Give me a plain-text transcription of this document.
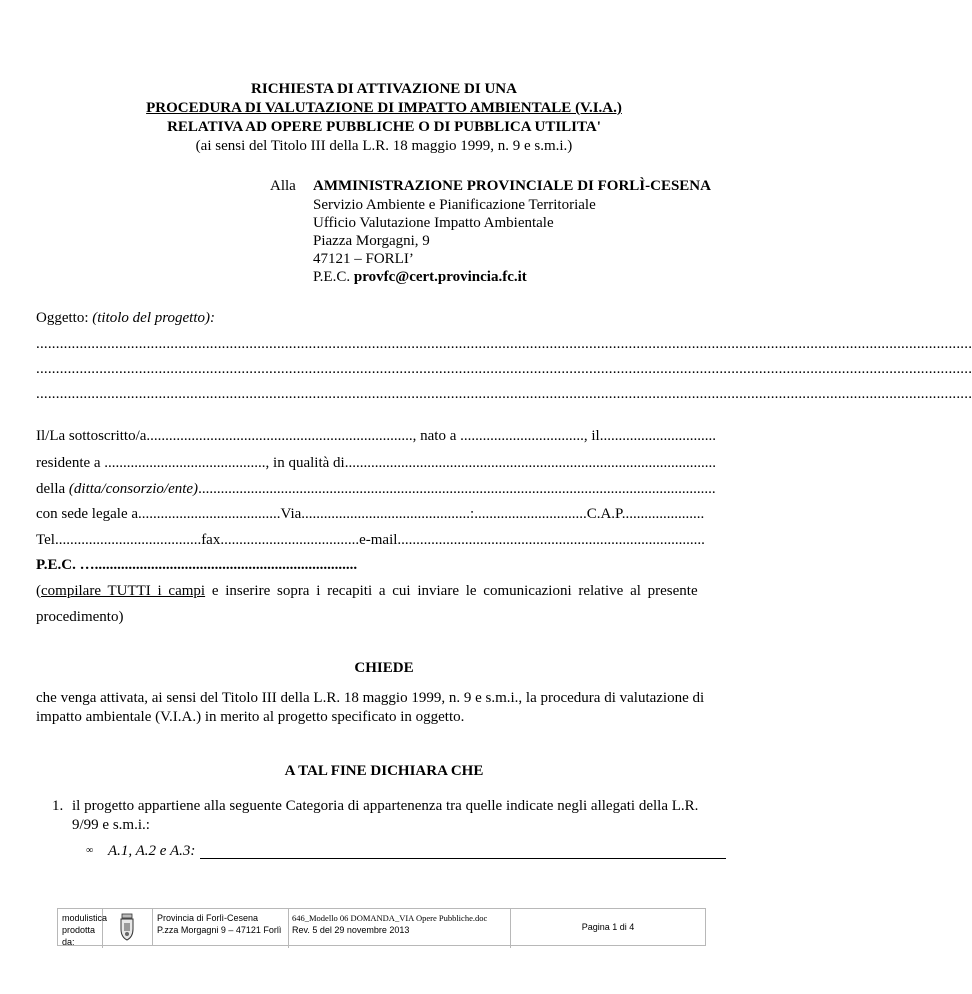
RICHIESTA DI ATTIVAZIONE DI UNA
PROCEDURA DI VALUTAZIONE DI IMPATTO AMBIENTALE (V.I.A.)
RELATIVA AD OPERE PUBBLICHE O DI PUBBLICA UTILITA'
(ai sensi del Titolo III della L.R. 18 maggio 1999, n. 9 e s.m.i.)
Alla AMMINISTRAZIONE PROVINCIALE DI FORLÌ-CESENA
Servizio Ambiente e Pianificazione Territoriale
Ufficio Valutazione Impatto Ambientale
Piazza Morgagni, 9
47121 – FORLI’
P.E.C. provfc@cert.provincia.fc.it
Oggetto: (titolo del progetto):
.............................................................................................................................................................................................................................................
.............................................................................................................................................................................................................................................
.............................................................................................................................................................................................................................................
Il/La sottoscritto/a......................................................................., nato a ................................., il...............................
residente a ..........................................., in qualità di...................................................................................................
della (ditta/consorzio/ente)..........................................................................................................................................
con sede legale a......................................Via.............................................:..............................C.A.P......................
Tel.......................................fax.....................................e-mail..................................................................................
P.E.C. …......................................................................
(compilare TUTTI i campi e inserire sopra i recapiti a cui inviare le comunicazioni relative al presente
procedimento)
CHIEDE
che venga attivata, ai sensi del Titolo III della L.R. 18 maggio 1999, n. 9 e s.m.i., la procedura di valutazione di
impatto ambientale (V.I.A.) in merito al progetto specificato in oggetto.
A TAL FINE DICHIARA CHE
1. il progetto appartiene alla seguente Categoria di appartenenza tra quelle indicate negli allegati della L.R.
9/99 e s.m.i.:
∞ A.1, A.2 e A.3:
modulistica
prodotta da:
Provincia di Forlì-Cesena
P.zza Morgagni 9 – 47121 Forlì
646_Modello 06 DOMANDA_VIA Opere Pubbliche.doc
Rev. 5 del 29 novembre 2013	Pagina 1 di 4
